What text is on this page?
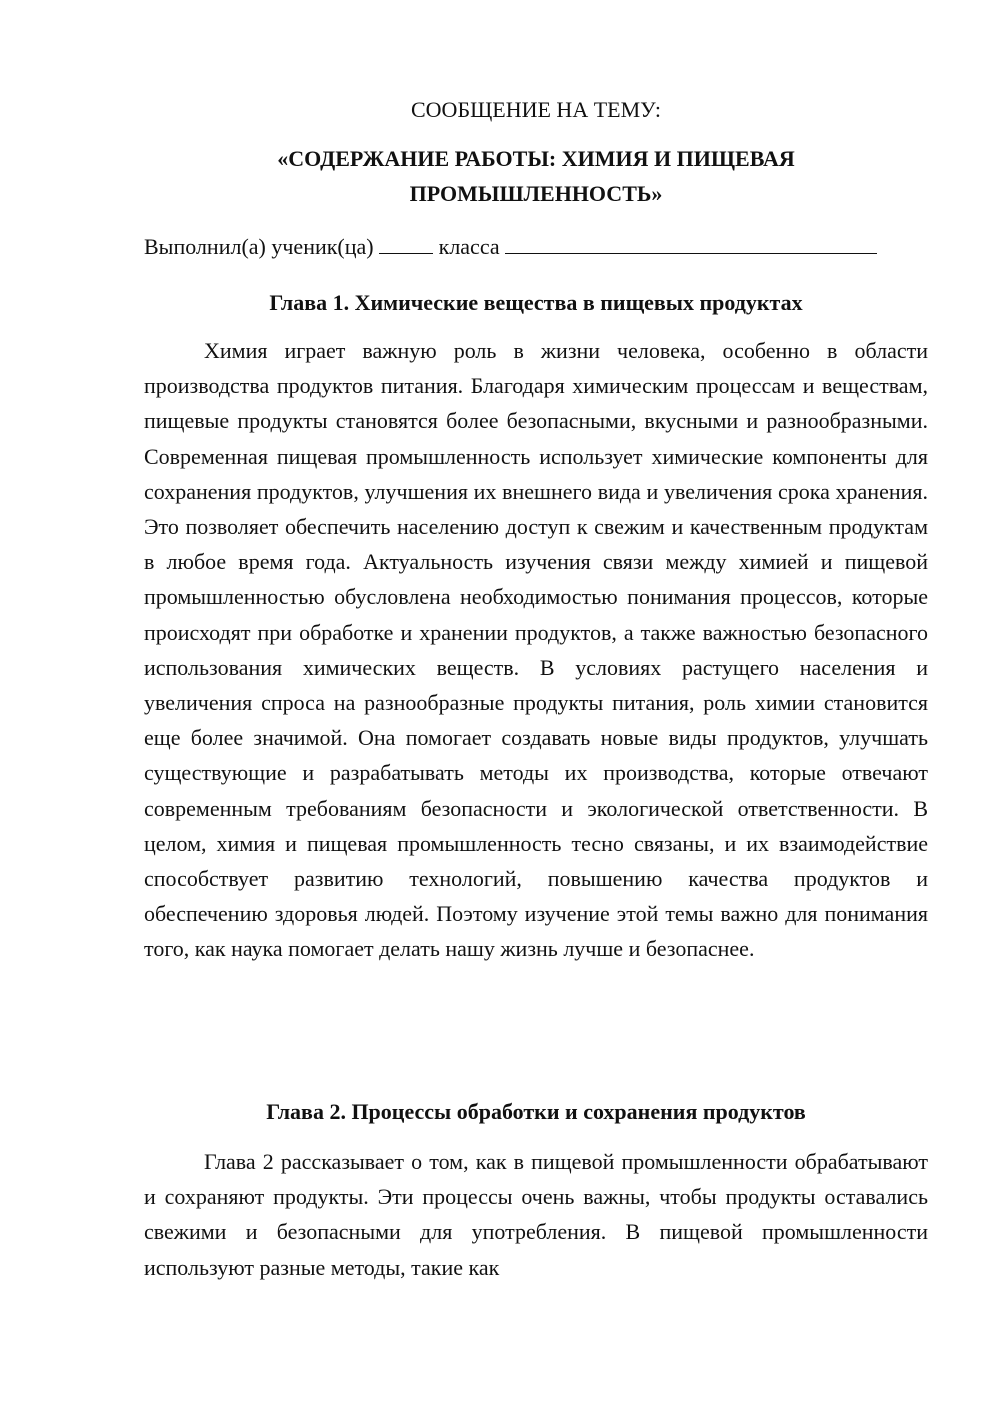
СООБЩЕНИЕ НА ТЕМУ:

«СОДЕРЖАНИЕ РАБОТЫ: ХИМИЯ И ПИЩЕВАЯ
ПРОМЫШЛЕННОСТЬ»
Выполнил(а) ученик(ца)	класса
Глава 1. Химические вещества в пищевых продуктах

Химия играет важную роль в жизни человека, особенно в области производства продуктов питания. Благодаря химическим процессам и веществам, пищевые продукты становятся более безопасными, вкусными и разнообразными. Современная пищевая промышленность использует химические компоненты для сохранения продуктов, улучшения их внешнего вида и увеличения срока хранения. Это позволяет обеспечить населению доступ к свежим и качественным продуктам в любое время года. Актуальность изучения связи между химией и пищевой промышленностью обусловлена необходимостью понимания процессов, которые происходят при обработке и хранении продуктов, а также важностью безопасного использования химических веществ. В условиях растущего населения и увеличения спроса на разнообразные продукты питания, роль химии становится еще более значимой. Она помогает создавать новые виды продуктов, улучшать существующие и разрабатывать методы их производства, которые отвечают современным требованиям безопасности и экологической ответственности. В целом, химия и пищевая промышленность тесно связаны, и их взаимодействие способствует развитию технологий, повышению качества продуктов и обеспечению здоровья людей. Поэтому изучение этой темы важно для понимания того, как наука помогает делать нашу жизнь лучше и безопаснее.

Глава 2. Процессы обработки и сохранения продуктов

Глава 2 рассказывает о том, как в пищевой промышленности обрабатывают и сохраняют продукты. Эти процессы очень важны, чтобы продукты оставались свежими и безопасными для употребления. В пищевой промышленности используют разные методы, такие как
